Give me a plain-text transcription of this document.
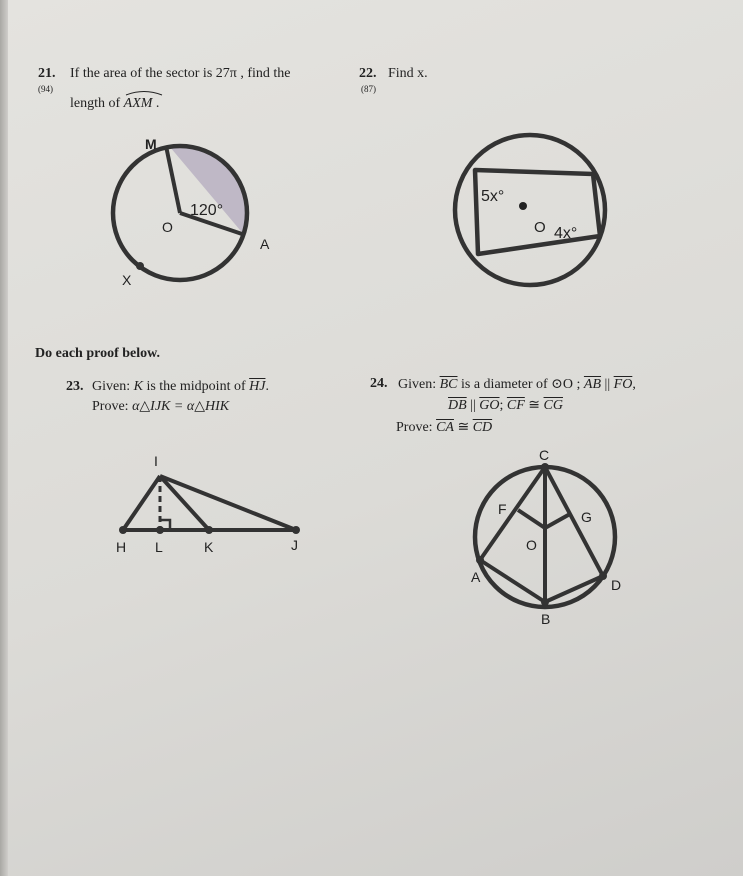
21.
(94)
If the area of the sector is 27π , find the
length of AXM .
M
O
A
X
120°
22.
(87)
Find x.
5x°
4x°
O
Do each proof below.
23. Given: K is the midpoint of $\overline{HJ}$.
Prove: α△IJK = α△HIK
I
H L	K	J
24. Given: $\overline{BC}$ is a diameter of ⊙O ; $\overline{AB}$ || $\overline{FO}$,
$\overline{DB}$ || $\overline{GO}$; $\overline{CF}$ ≅ $\overline{CG}$
Prove: $\overline{CA}$ ≅ $\overline{CD}$
C
F	G
O
A	D
B
